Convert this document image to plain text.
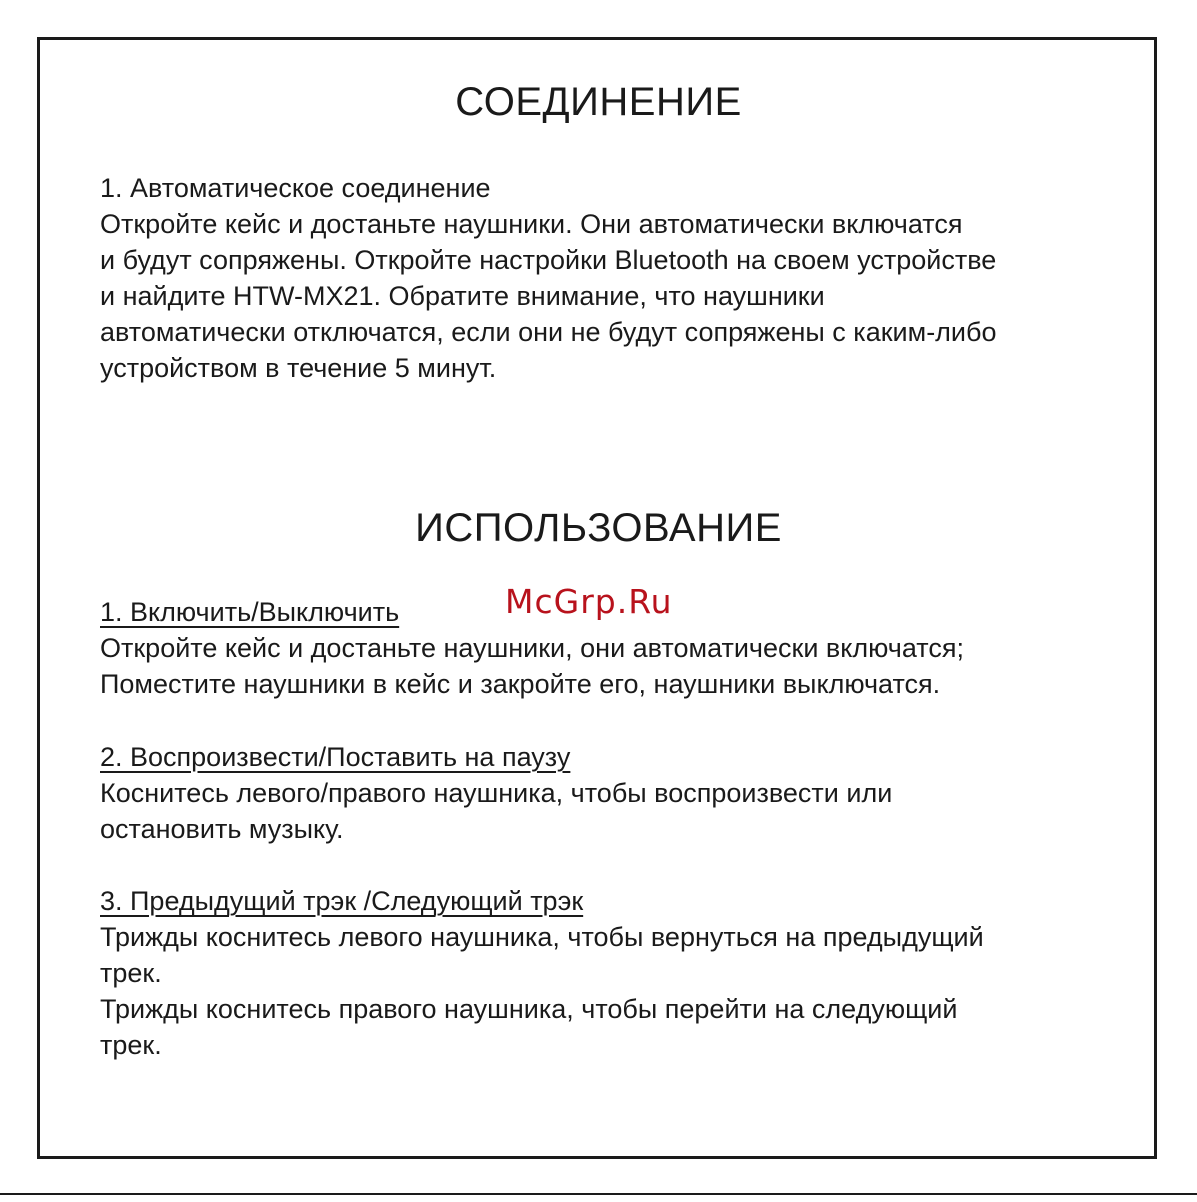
СОЕДИНЕНИЕ
1. Автоматическое соединение
Откройте кейс и достаньте наушники. Они автоматически включатся
и будут сопряжены. Откройте настройки Bluetooth на своем устройстве
и найдите HTW-MX21. Обратите внимание, что наушники
автоматически отключатся, если они не будут сопряжены с каким-либо
устройством в течение 5 минут.
ИСПОЛЬЗОВАНИЕ
McGrp.Ru
1. Включить/Выключить
Откройте кейс и достаньте наушники, они автоматически включатся;
Поместите наушники в кейс и закройте его, наушники выключатся.
2. Воспроизвести/Поставить на паузу
Коснитесь левого/правого наушника, чтобы воспроизвести или
остановить музыку.
3. Предыдущий трэк /Следующий трэк
Трижды коснитесь левого наушника, чтобы вернуться на предыдущий
трек.
Трижды коснитесь правого наушника, чтобы перейти на следующий
трек.
